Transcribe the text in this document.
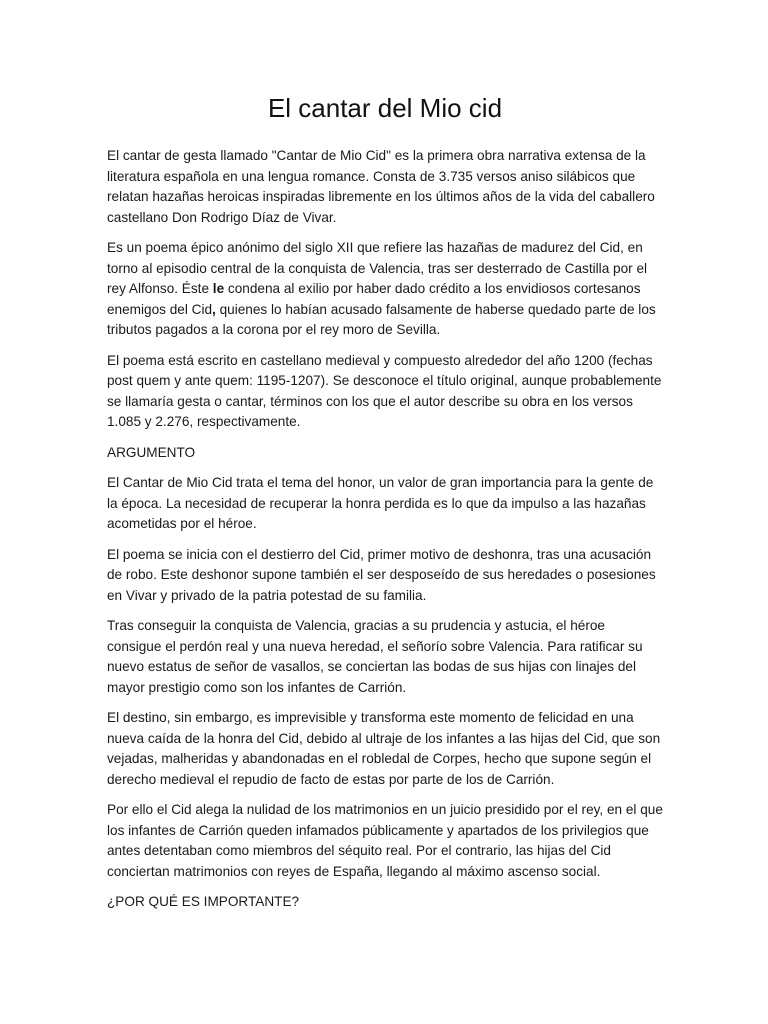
El cantar del Mio cid

El cantar de gesta llamado "Cantar de Mio Cid" es la primera obra narrativa extensa de la literatura española en una lengua romance. Consta de 3.735 versos aniso silábicos que relatan hazañas heroicas inspiradas libremente en los últimos años de la vida del caballero castellano Don Rodrigo Díaz de Vivar.

Es un poema épico anónimo del siglo XII que refiere las hazañas de madurez del Cid, en torno al episodio central de la conquista de Valencia, tras ser desterrado de Castilla por el rey Alfonso. Éste le condena al exilio por haber dado crédito a los envidiosos cortesanos enemigos del Cid, quienes lo habían acusado falsamente de haberse quedado parte de los tributos pagados a la corona por el rey moro de Sevilla.

El poema está escrito en castellano medieval y compuesto alrededor del año 1200 (fechas post quem y ante quem: 1195-1207). Se desconoce el título original, aunque probablemente se llamaría gesta o cantar, términos con los que el autor describe su obra en los versos 1.085 y 2.276, respectivamente.

ARGUMENTO

El Cantar de Mio Cid trata el tema del honor, un valor de gran importancia para la gente de la época. La necesidad de recuperar la honra perdida es lo que da impulso a las hazañas acometidas por el héroe.

El poema se inicia con el destierro del Cid, primer motivo de deshonra, tras una acusación de robo. Este deshonor supone también el ser desposeído de sus heredades o posesiones en Vivar y privado de la patria potestad de su familia.

Tras conseguir la conquista de Valencia, gracias a su prudencia y astucia, el héroe consigue el perdón real y una nueva heredad, el señorío sobre Valencia. Para ratificar su nuevo estatus de señor de vasallos, se conciertan las bodas de sus hijas con linajes del mayor prestigio como son los infantes de Carrión.

El destino, sin embargo, es imprevisible y transforma este momento de felicidad en una nueva caída de la honra del Cid, debido al ultraje de los infantes a las hijas del Cid, que son vejadas, malheridas y abandonadas en el robledal de Corpes, hecho que supone según el derecho medieval el repudio de facto de estas por parte de los de Carrión.

Por ello el Cid alega la nulidad de los matrimonios en un juicio presidido por el rey, en el que los infantes de Carrión queden infamados públicamente y apartados de los privilegios que antes detentaban como miembros del séquito real. Por el contrario, las hijas del Cid conciertan matrimonios con reyes de España, llegando al máximo ascenso social.

¿POR QUÉ ES IMPORTANTE?
